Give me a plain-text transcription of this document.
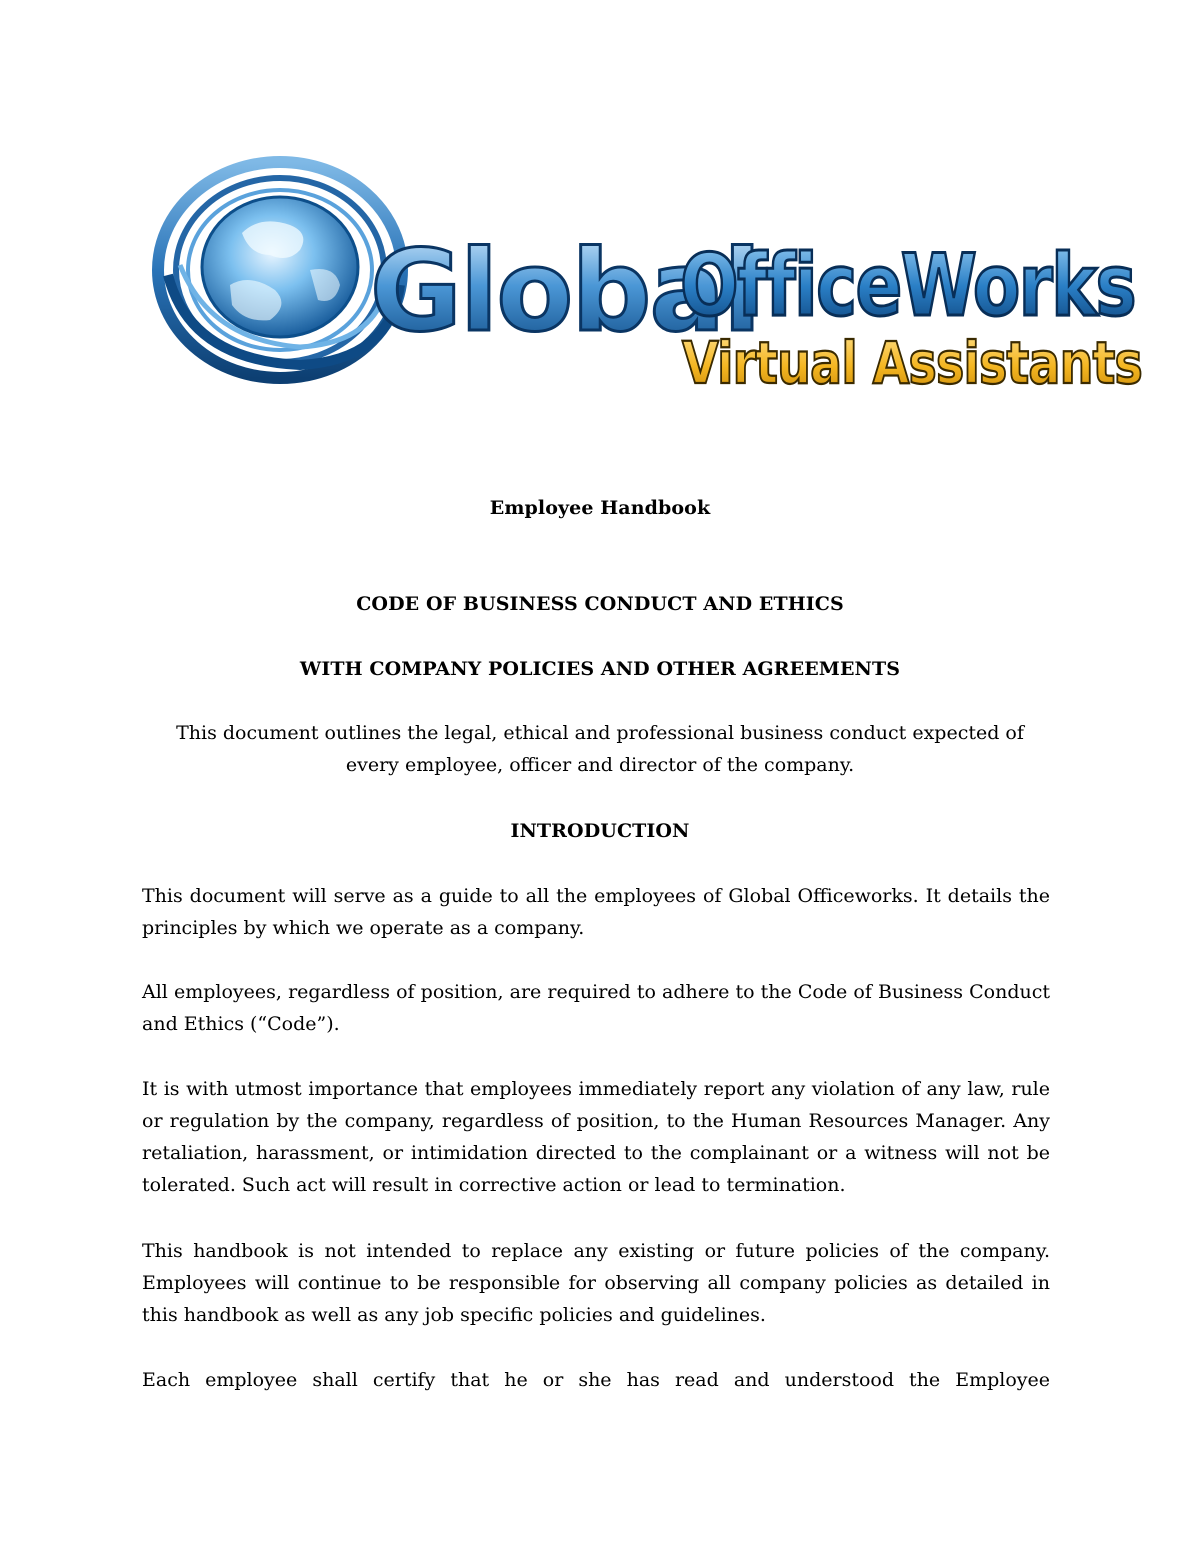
Global
OfficeWorks
Virtual Assistants
Employee Handbook
CODE OF BUSINESS CONDUCT AND ETHICS
WITH COMPANY POLICIES AND OTHER AGREEMENTS
This document outlines the legal, ethical and professional business conduct expected of every employee, officer and director of the company.
INTRODUCTION
This document will serve as a guide to all the employees of Global Officeworks. It details the principles by which we operate as a company.
All employees, regardless of position, are required to adhere to the Code of Business Conduct and Ethics (“Code”).
It is with utmost importance that employees immediately report any violation of any law, rule or regulation by the company, regardless of position, to the Human Resources Manager. Any retaliation, harassment, or intimidation directed to the complainant or a witness will not be tolerated. Such act will result in corrective action or lead to termination.
This handbook is not intended to replace any existing or future policies of the company. Employees will continue to be responsible for observing all company policies as detailed in this handbook as well as any job specific policies and guidelines.
Each employee shall certify that he or she has read and understood the Employee
